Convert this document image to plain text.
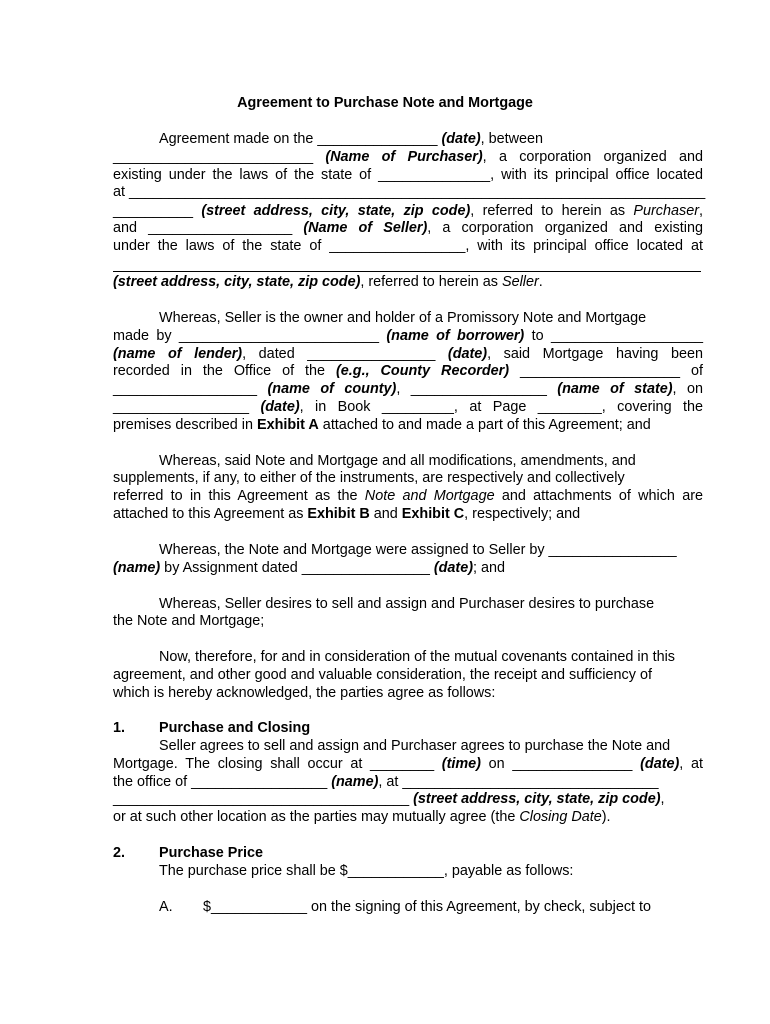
Agreement to Purchase Note and Mortgage
Agreement made on the _______________ (date), between
_________________________ (Name of Purchaser), a corporation organized and
existing under the laws of the state of ______________, with its principal office located
at ________________________________________________________________________
__________ (street address, city, state, zip code), referred to herein as Purchaser,
and __________________ (Name of Seller), a corporation organized and existing
under the laws of the state of _________________, with its principal office located at
(street address, city, state, zip code), referred to herein as Seller.
Whereas, Seller is the owner and holder of a Promissory Note and Mortgage
made by _________________________ (name of borrower) to ___________________
(name of lender), dated ________________ (date), said Mortgage having been
recorded in the Office of the (e.g., County Recorder) ____________________ of
__________________ (name of county), _________________ (name of state), on
_________________ (date), in Book _________, at Page ________, covering the
premises described in Exhibit A attached to and made a part of this Agreement; and
Whereas, said Note and Mortgage and all modifications, amendments, and
supplements, if any, to either of the instruments, are respectively and collectively
referred to in this Agreement as the Note and Mortgage and attachments of which are
attached to this Agreement as Exhibit B and Exhibit C, respectively; and
Whereas, the Note and Mortgage were assigned to Seller by ________________
(name) by Assignment dated ________________ (date); and
Whereas, Seller desires to sell and assign and Purchaser desires to purchase
the Note and Mortgage;
Now, therefore, for and in consideration of the mutual covenants contained in this
agreement, and other good and valuable consideration, the receipt and sufficiency of
which is hereby acknowledged, the parties agree as follows:
1. Purchase and Closing
Seller agrees to sell and assign and Purchaser agrees to purchase the Note and
Mortgage. The closing shall occur at ________ (time) on _______________ (date), at
the office of _________________ (name), at ________________________________
_____________________________________ (street address, city, state, zip code),
or at such other location as the parties may mutually agree (the Closing Date).
2. Purchase Price
The purchase price shall be $____________, payable as follows:
A. $____________ on the signing of this Agreement, by check, subject to
